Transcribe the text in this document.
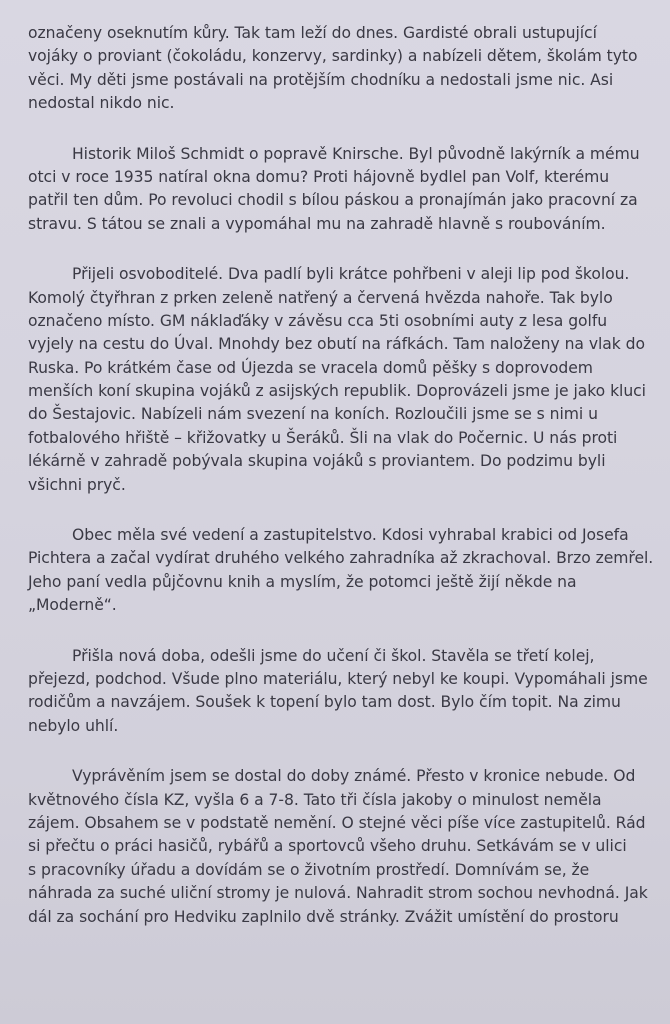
označeny oseknutím kůry. Tak tam leží do dnes. Gardisté obrali ustupující
vojáky o proviant (čokoládu, konzervy, sardinky) a nabízeli dětem, školám tyto
věci. My děti jsme postávali na protějším chodníku a nedostali jsme nic. Asi
nedostal nikdo nic.
Historik Miloš Schmidt o popravě Knirsche. Byl původně lakýrník a mému
otci v roce 1935 natíral okna domu? Proti hájovně bydlel pan Volf, kterému
patřil ten dům. Po revoluci chodil s bílou páskou a pronajímán jako pracovní za
stravu. S tátou se znali a vypomáhal mu na zahradě hlavně s roubováním.
Přijeli osvoboditelé. Dva padlí byli krátce pohřbeni v aleji lip pod školou.
Komolý čtyřhran z prken zeleně natřený a červená hvězda nahoře. Tak bylo
označeno místo. GM náklaďáky v závěsu cca 5ti osobními auty z lesa golfu
vyjely na cestu do Úval. Mnohdy bez obutí na ráfkách. Tam naloženy na vlak do
Ruska. Po krátkém čase od Újezda se vracela domů pěšky s doprovodem
menších koní skupina vojáků z asijských republik. Doprovázeli jsme je jako kluci
do Šestajovic. Nabízeli nám svezení na koních. Rozloučili jsme se s nimi u
fotbalového hřiště – křižovatky u Šeráků. Šli na vlak do Počernic. U nás proti
lékárně v zahradě pobývala skupina vojáků s proviantem. Do podzimu byli
všichni pryč.
Obec měla své vedení a zastupitelstvo. Kdosi vyhrabal krabici od Josefa
Pichtera a začal vydírat druhého velkého zahradníka až zkrachoval. Brzo zemřel.
Jeho paní vedla půjčovnu knih a myslím, že potomci ještě žijí někde na
„Moderně“.
Přišla nová doba, odešli jsme do učení či škol. Stavěla se třetí kolej,
přejezd, podchod. Všude plno materiálu, který nebyl ke koupi. Vypomáhali jsme
rodičům a navzájem. Soušek k topení bylo tam dost. Bylo čím topit. Na zimu
nebylo uhlí.
Vyprávěním jsem se dostal do doby známé. Přesto v kronice nebude. Od
květnového čísla KZ, vyšla 6 a 7-8. Tato tři čísla jakoby o minulost neměla
zájem. Obsahem se v podstatě nemění. O stejné věci píše více zastupitelů. Rád
si přečtu o práci hasičů, rybářů a sportovců všeho druhu. Setkávám se v ulici
s pracovníky úřadu a dovídám se o životním prostředí. Domnívám se, že
náhrada za suché uliční stromy je nulová. Nahradit strom sochou nevhodná. Jak
dál za sochání pro Hedviku zaplnilo dvě stránky. Zvážit umístění do prostoru
